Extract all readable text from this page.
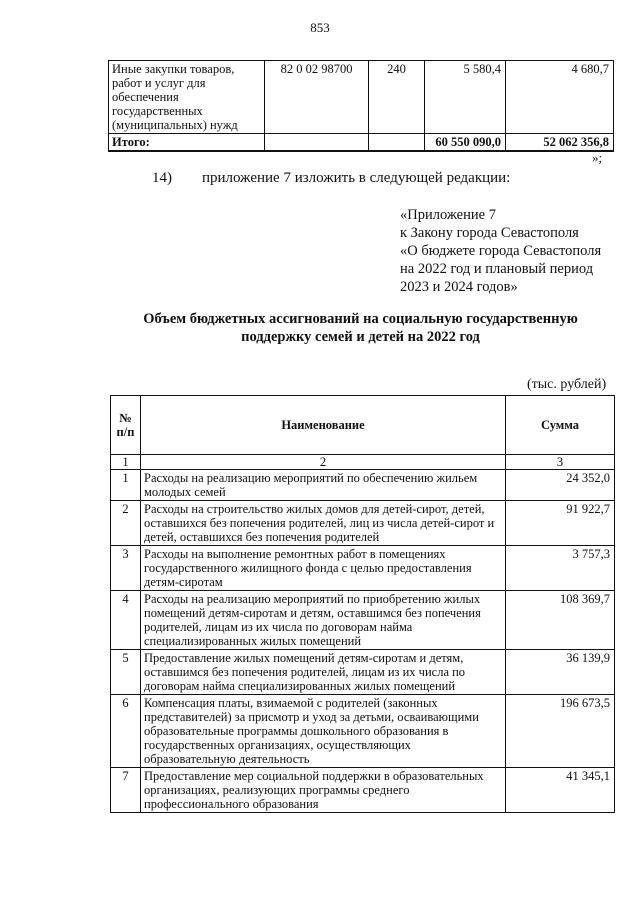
853
Иные закупки товаров, работ и услуг для обеспечения государственных (муниципальных) нужд	82 0 02 98700	240	5 580,4	4 680,7
Итого:			60 550 090,0	52 062 356,8
»;
14) приложение 7 изложить в следующей редакции:
«Приложение 7
к Закону города Севастополя
«О бюджете города Севастополя
на 2022 год и плановый период
2023 и 2024 годов»
Объем бюджетных ассигнований на социальную государственную
поддержку семей и детей на 2022 год
(тыс. рублей)
№ п/п	Наименование	Сумма
1	2	3
1	Расходы на реализацию мероприятий по обеспечению жильем молодых семей	24 352,0
2	Расходы на строительство жилых домов для детей-сирот, детей, оставшихся без попечения родителей, лиц из числа детей-сирот и детей, оставшихся без попечения родителей	91 922,7
3	Расходы на выполнение ремонтных работ в помещениях государственного жилищного фонда с целью предоставления детям-сиротам	3 757,3
4	Расходы на реализацию мероприятий по приобретению жилых помещений детям-сиротам и детям, оставшимся без попечения родителей, лицам из их числа по договорам найма специализированных жилых помещений	108 369,7
5	Предоставление жилых помещений детям-сиротам и детям, оставшимся без попечения родителей, лицам из их числа по договорам найма специализированных жилых помещений	36 139,9
6	Компенсация платы, взимаемой с родителей (законных представителей) за присмотр и уход за детьми, осваивающими образовательные программы дошкольного образования в государственных организациях, осуществляющих образовательную деятельность	196 673,5
7	Предоставление мер социальной поддержки в образовательных организациях, реализующих программы среднего профессионального образования	41 345,1
